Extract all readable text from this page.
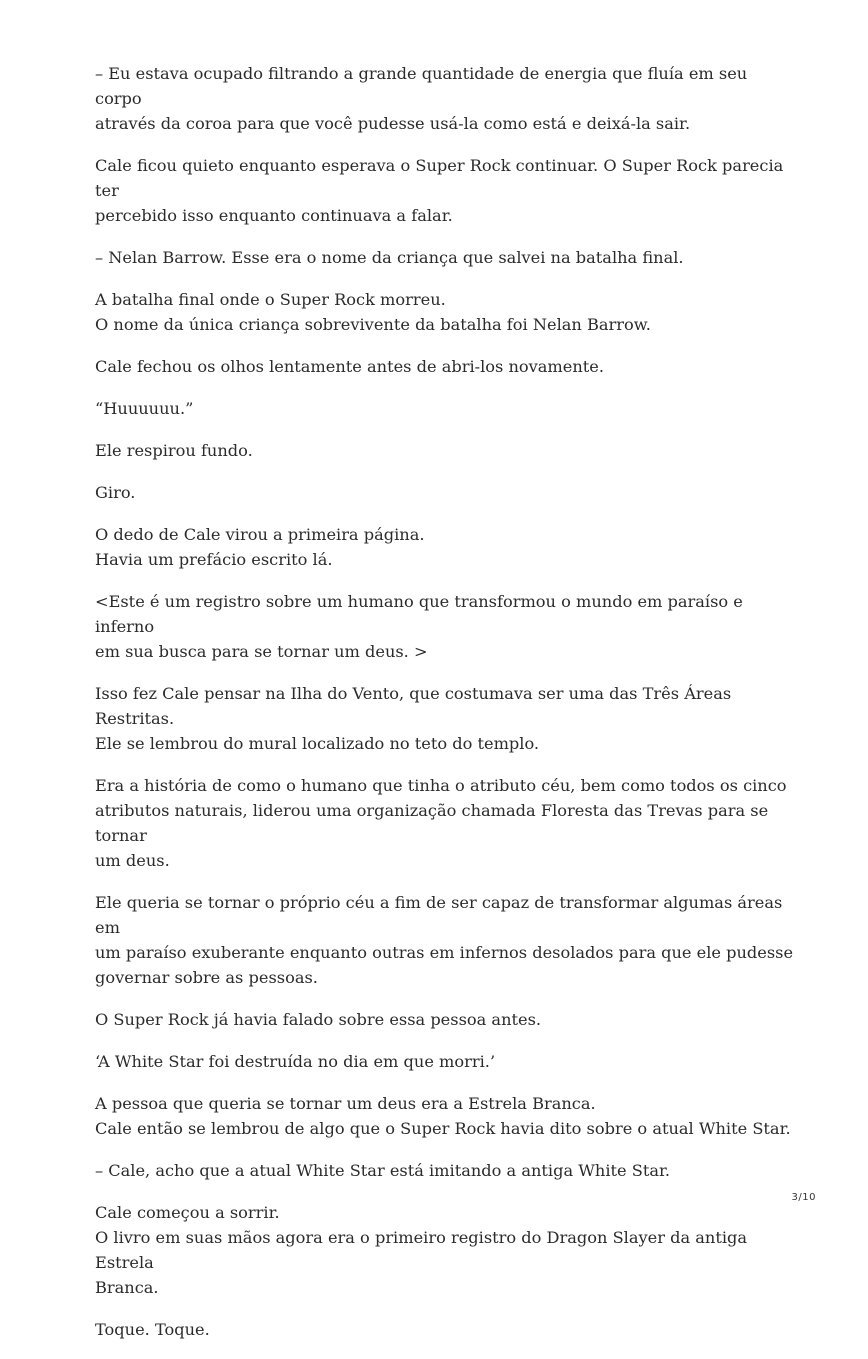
– Eu estava ocupado filtrando a grande quantidade de energia que fluía em seu corpo
através da coroa para que você pudesse usá-la como está e deixá-la sair.

Cale ficou quieto enquanto esperava o Super Rock continuar. O Super Rock parecia ter
percebido isso enquanto continuava a falar.

– Nelan Barrow. Esse era o nome da criança que salvei na batalha final.

A batalha final onde o Super Rock morreu.
O nome da única criança sobrevivente da batalha foi Nelan Barrow.

Cale fechou os olhos lentamente antes de abri-los novamente.

“Huuuuuu.”

Ele respirou fundo.

Giro.

O dedo de Cale virou a primeira página.
Havia um prefácio escrito lá.

<Este é um registro sobre um humano que transformou o mundo em paraíso e inferno
em sua busca para se tornar um deus. >

Isso fez Cale pensar na Ilha do Vento, que costumava ser uma das Três Áreas Restritas.
Ele se lembrou do mural localizado no teto do templo.

Era a história de como o humano que tinha o atributo céu, bem como todos os cinco
atributos naturais, liderou uma organização chamada Floresta das Trevas para se tornar
um deus.

Ele queria se tornar o próprio céu a fim de ser capaz de transformar algumas áreas em
um paraíso exuberante enquanto outras em infernos desolados para que ele pudesse
governar sobre as pessoas.

O Super Rock já havia falado sobre essa pessoa antes.

‘A White Star foi destruída no dia em que morri.’

A pessoa que queria se tornar um deus era a Estrela Branca.
Cale então se lembrou de algo que o Super Rock havia dito sobre o atual White Star.

– Cale, acho que a atual White Star está imitando a antiga White Star.

Cale começou a sorrir.
O livro em suas mãos agora era o primeiro registro do Dragon Slayer da antiga Estrela
Branca.

Toque. Toque.

3/10
